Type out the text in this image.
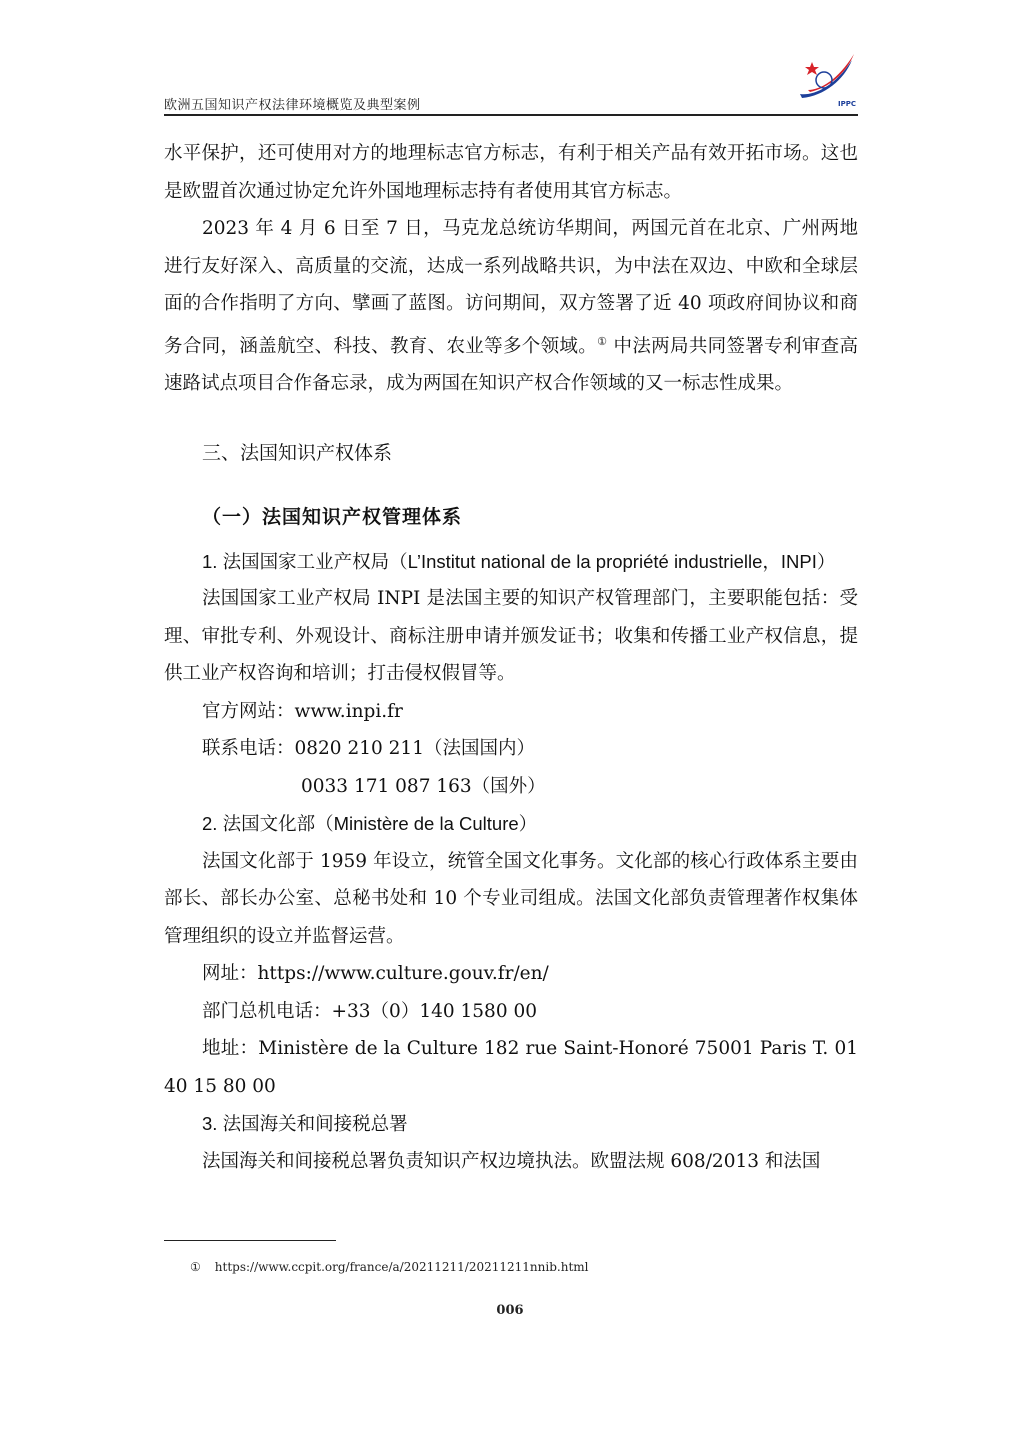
欧洲五国知识产权法律环境概览及典型案例	IPPC

水平保护，还可使用对方的地理标志官方标志，有利于相关产品有效开拓市场。这也是欧盟首次通过协定允许外国地理标志持有者使用其官方标志。

2023 年 4 月 6 日至 7 日，马克龙总统访华期间，两国元首在北京、广州两地进行友好深入、高质量的交流，达成一系列战略共识，为中法在双边、中欧和全球层面的合作指明了方向、擘画了蓝图。访问期间，双方签署了近 40 项政府间协议和商务合同，涵盖航空、科技、教育、农业等多个领域。① 中法两局共同签署专利审查高速路试点项目合作备忘录，成为两国在知识产权合作领域的又一标志性成果。

三、法国知识产权体系
（一）法国知识产权管理体系

1. 法国国家工业产权局（L’Institut national de la propriété industrielle，INPI）

法国国家工业产权局 INPI 是法国主要的知识产权管理部门，主要职能包括：受理、审批专利、外观设计、商标注册申请并颁发证书；收集和传播工业产权信息，提供工业产权咨询和培训；打击侵权假冒等。

官方网站：www.inpi.fr

联系电话：0820 210 211（法国国内）

0033 171 087 163（国外）

2. 法国文化部（Ministère de la Culture）

法国文化部于 1959 年设立，统管全国文化事务。文化部的核心行政体系主要由部长、部长办公室、总秘书处和 10 个专业司组成。法国文化部负责管理著作权集体管理组织的设立并监督运营。

网址：https://www.culture.gouv.fr/en/

部门总机电话：+33（0）140 1580 00

地址：Ministère de la Culture 182 rue Saint-Honoré 75001 Paris T. 01 40 15 80 00

3. 法国海关和间接税总署

法国海关和间接税总署负责知识产权边境执法。欧盟法规 608/2013 和法国

① https://www.ccpit.org/france/a/20211211/20211211nnib.html
006
